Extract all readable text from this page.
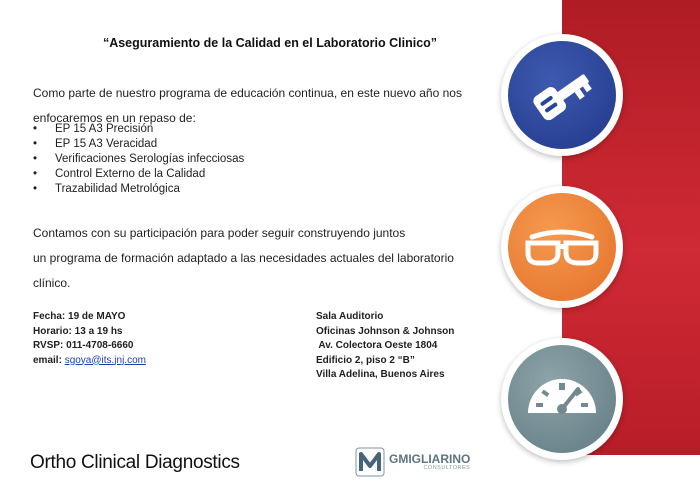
“Aseguramiento de la Calidad en el Laboratorio Clinico”
Como parte de nuestro programa de educación continua, en este nuevo año nos
enfocaremos en un repaso de:
• EP 15 A3 Precisión
• EP 15 A3 Veracidad
• Verificaciones Serologías infecciosas
• Control Externo de la Calidad
• Trazabilidad Metrológica
Contamos con su participación para poder seguir construyendo juntos
un programa de formación adaptado a las necesidades actuales del laboratorio
clínico.
Fecha: 19 de MAYO
Horario: 13 a 19 hs
RVSP: 011-4708-6660
email: sgoya@its.jnj.com
Sala Auditorio
Oficinas Johnson & Johnson
Av. Colectora Oeste 1804
Edificio 2, piso 2 “B”
Villa Adelina, Buenos Aires
Ortho Clinical Diagnostics	GMIGLIARINO
CONSULTORES
